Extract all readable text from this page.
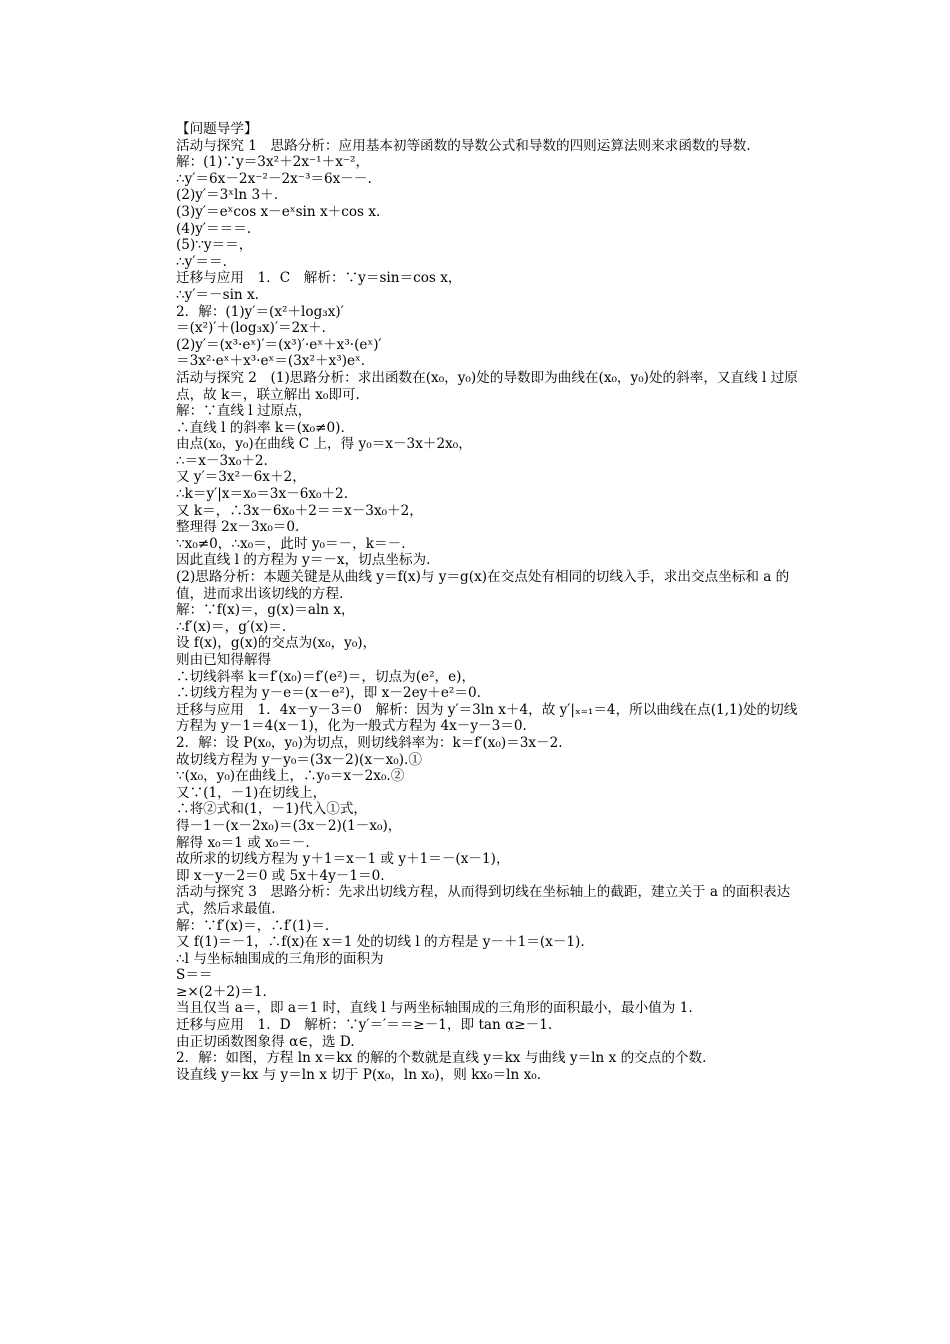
【问题导学】
活动与探究 1　思路分析：应用基本初等函数的导数公式和导数的四则运算法则来求函数的导数.
解：(1)∵y＝3x²＋2x⁻¹＋x⁻²，
∴y′＝6x－2x⁻²－2x⁻³＝6x－－.
(2)y′＝3ˣln 3＋.
(3)y′＝eˣcos x－eˣsin x＋cos x.
(4)y′＝＝＝.
(5)∵y＝＝，
∴y′＝＝.
迁移与应用　1．C　解析：∵y＝sin＝cos x，
∴y′＝－sin x.
2．解：(1)y′＝(x²＋log₃x)′
＝(x²)′＋(log₃x)′＝2x＋.
(2)y′＝(x³·eˣ)′＝(x³)′·eˣ＋x³·(eˣ)′
＝3x²·eˣ＋x³·eˣ＝(3x²＋x³)eˣ.
活动与探究 2　(1)思路分析：求出函数在(x₀，y₀)处的导数即为曲线在(x₀，y₀)处的斜率，又直线 l 过原点，故 k＝，联立解出 x₀即可.
解：∵直线 l 过原点，
∴直线 l 的斜率 k＝(x₀≠0).
由点(x₀，y₀)在曲线 C 上，得 y₀＝x－3x＋2x₀，
∴＝x－3x₀＋2.
又 y′＝3x²－6x＋2，
∴k＝y′|x＝x₀＝3x－6x₀＋2.
又 k＝，∴3x－6x₀＋2＝＝x－3x₀＋2，
整理得 2x－3x₀＝0.
∵x₀≠0，∴x₀＝，此时 y₀＝－，k＝－.
因此直线 l 的方程为 y＝－x，切点坐标为.
(2)思路分析：本题关键是从曲线 y＝f(x)与 y＝g(x)在交点处有相同的切线入手，求出交点坐标和 a 的值，进而求出该切线的方程.
解：∵f(x)＝，g(x)＝aln x，
∴f′(x)＝，g′(x)＝.
设 f(x)，g(x)的交点为(x₀，y₀)，
则由已知得解得
∴切线斜率 k＝f′(x₀)＝f′(e²)＝，切点为(e²，e)，
∴切线方程为 y－e＝(x－e²)，即 x－2ey＋e²＝0.
迁移与应用　1．4x－y－3＝0　解析：因为 y′＝3ln x＋4，故 y′|ₓ₌₁＝4，所以曲线在点(1,1)处的切线方程为 y－1＝4(x－1)，化为一般式方程为 4x－y－3＝0.
2．解：设 P(x₀，y₀)为切点，则切线斜率为：k＝f′(x₀)＝3x－2.
故切线方程为 y－y₀＝(3x－2)(x－x₀).①
∵(x₀，y₀)在曲线上，∴y₀＝x－2x₀.②
又∵(1，－1)在切线上，
∴将②式和(1，－1)代入①式，
得－1－(x－2x₀)＝(3x－2)(1－x₀)，
解得 x₀＝1 或 x₀＝－.
故所求的切线方程为 y＋1＝x－1 或 y＋1＝－(x－1)，
即 x－y－2＝0 或 5x＋4y－1＝0.
活动与探究 3　思路分析：先求出切线方程，从而得到切线在坐标轴上的截距，建立关于 a 的面积表达式，然后求最值.
解：∵f′(x)＝，∴f′(1)＝.
又 f(1)＝－1，∴f(x)在 x＝1 处的切线 l 的方程是 y－＋1＝(x－1).
∴l 与坐标轴围成的三角形的面积为
S＝＝
≥×(2＋2)＝1.
当且仅当 a＝，即 a＝1 时，直线 l 与两坐标轴围成的三角形的面积最小，最小值为 1.
迁移与应用　1．D　解析：∵y′＝′＝＝≥－1，即 tan α≥－1.
由正切函数图象得 α∈，选 D.
2．解：如图，方程 ln x＝kx 的解的个数就是直线 y＝kx 与曲线 y＝ln x 的交点的个数.
设直线 y＝kx 与 y＝ln x 切于 P(x₀，ln x₀)，则 kx₀＝ln x₀.
